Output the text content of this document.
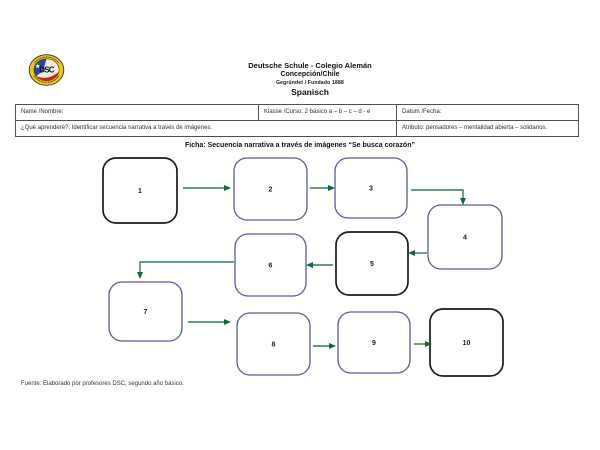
DSC
Deutsche Schule - Colegio Alemán
Concepción/Chile
Gegründet / Fundado 1888
Spanisch
Name /Nombre:	Klasse /Curso: 2 básico a – b – c – d - e	Datum /Fecha:
¿Qué aprenderé?: Identificar secuencia narrativa a través de imágenes.	Atributo: pensadores – mentalidad abierta – solidarios.
Ficha: Secuencia narrativa a través de imágenes “Se busca corazón”
1	2	3
4
5
6
7
8	9	10
Fuente: Elaborado por profesores DSC, segundo año básico.
